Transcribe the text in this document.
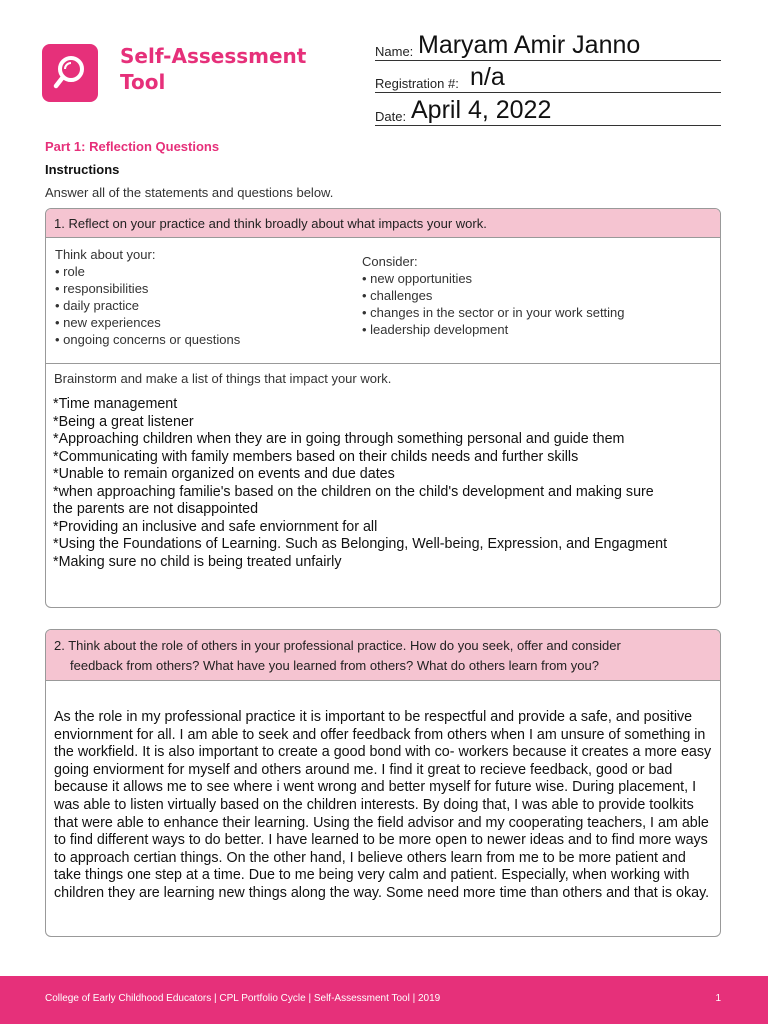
Self-Assessment
Tool
Name: Maryam Amir Janno
Registration #: n/a
Date: April 4, 2022
Part 1: Reflection Questions
Instructions
Answer all of the statements and questions below.
1. Reflect on your practice and think broadly about what impacts your work.
Think about your:
• role
• responsibilities
• daily practice
• new experiences
• ongoing concerns or questions
Consider:
• new opportunities
• challenges
• changes in the sector or in your work setting
• leadership development
Brainstorm and make a list of things that impact your work.
*Time management
*Being a great listener
*Approaching children when they are in going through something personal and guide them
*Communicating with family members based on their childs needs and further skills
*Unable to remain organized on events and due dates
*when approaching familie's based on the children on the child's development and making sure
the parents are not disappointed
*Providing an inclusive and safe enviornment for all
*Using the Foundations of Learning. Such as Belonging, Well-being, Expression, and Engagment
*Making sure no child is being treated unfairly
2. Think about the role of others in your professional practice. How do you seek, offer and consider
feedback from others? What have you learned from others? What do others learn from you?
As the role in my professional practice it is important to be respectful and provide a safe, and positive enviornment for all. I am able to seek and offer feedback from others when I am unsure of something in the workfield. It is also important to create a good bond with co- workers because it creates a more easy going enviorment for myself and others around me. I find it great to recieve feedback, good or bad because it allows me to see where i went wrong and better myself for future wise. During placement, I was able to listen virtually based on the children interests. By doing that, I was able to provide toolkits that were able to enhance their learning. Using the field advisor and my cooperating teachers, I am able to find different ways to do better. I have learned to be more open to newer ideas and to find more ways to approach certian things. On the other hand, I believe others learn from me to be more patient and take things one step at a time. Due to me being very calm and patient. Especially, when working with children they are learning new things along the way. Some need more time than others and that is okay.
College of Early Childhood Educators | CPL Portfolio Cycle | Self-Assessment Tool | 2019	1
